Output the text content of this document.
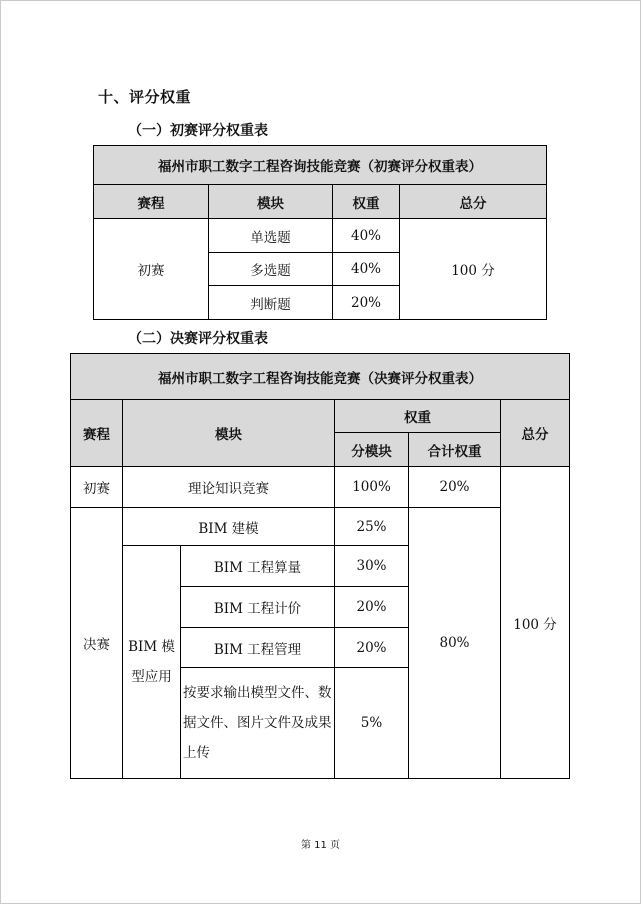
十、评分权重
（一）初赛评分权重表
福州市职工数字工程咨询技能竞赛（初赛评分权重表）			
赛程	模块	权重	总分
初赛	单选题	40%	100 分
	多选题	40%	
	判断题	20%	
（二）决赛评分权重表
福州市职工数字工程咨询技能竞赛（决赛评分权重表）					
赛程	模块		权重		总分
			分模块	合计权重	
初赛	理论知识竞赛		100%	20%	100 分
决赛	BIM 建模		25%	80%	
	BIM 模型应用	BIM 工程算量	30%		
		BIM 工程计价	20%		
		BIM 工程管理	20%		
		按要求输出模型文件、数据文件、图片文件及成果上传	5%		
第 11 页
